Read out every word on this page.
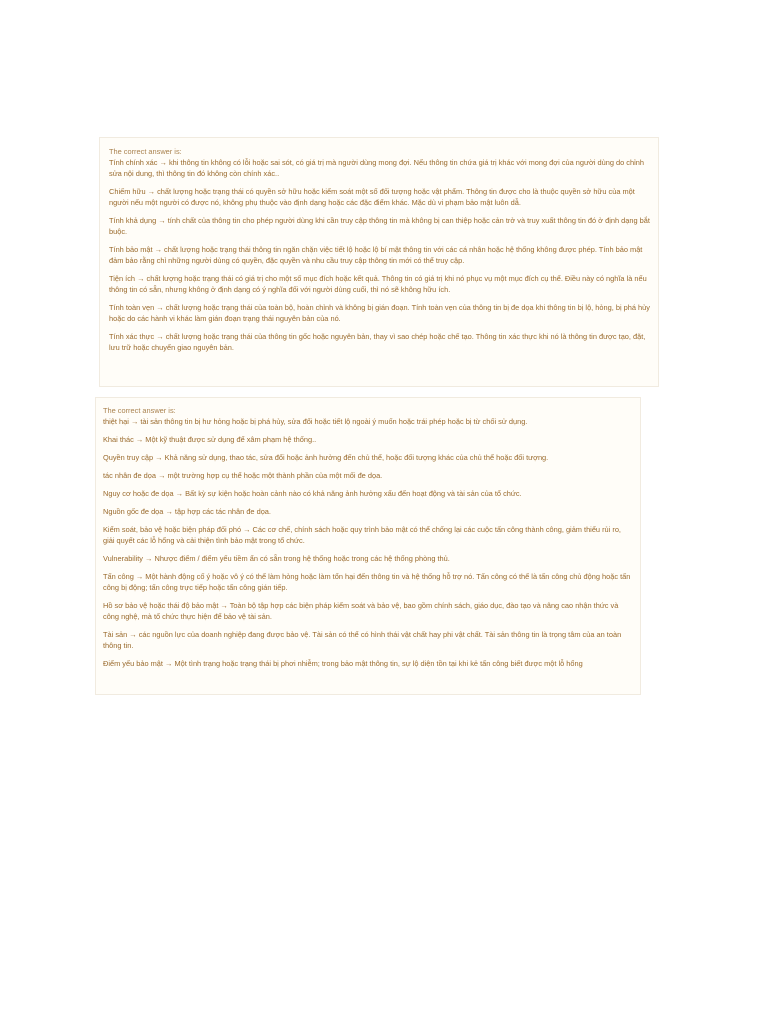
The correct answer is:

Tính chính xác → khi thông tin không có lỗi hoặc sai sót, có giá trị mà người dùng mong đợi. Nếu thông tin chứa giá trị khác với mong đợi của người dùng do chỉnh sửa nội dung, thì thông tin đó không còn chính xác..
Chiếm hữu → chất lượng hoặc trạng thái có quyền sở hữu hoặc kiểm soát một số đối tượng hoặc vật phẩm. Thông tin được cho là thuộc quyền sở hữu của một người nếu một người có được nó, không phụ thuộc vào định dạng hoặc các đặc điểm khác. Mặc dù vi phạm bảo mật luôn dẫ.
Tính khả dụng → tính chất của thông tin cho phép người dùng khi cần truy cập thông tin mà không bị can thiệp hoặc cản trở và truy xuất thông tin đó ở định dạng bắt buộc.
Tính bảo mật → chất lượng hoặc trạng thái thông tin ngăn chặn việc tiết lộ hoặc lộ bí mật thông tin với các cá nhân hoặc hệ thống không được phép. Tính bảo mật đảm bảo rằng chỉ những người dùng có quyền, đặc quyền và nhu cầu truy cập thông tin mới có thể truy cập.
Tiện ích → chất lượng hoặc trạng thái có giá trị cho một số mục đích hoặc kết quả. Thông tin có giá trị khi nó phục vụ một mục đích cụ thể. Điều này có nghĩa là nếu thông tin có sẵn, nhưng không ở định dạng có ý nghĩa đối với người dùng cuối, thì nó sẽ không hữu ích.
Tính toàn vẹn → chất lượng hoặc trạng thái của toàn bộ, hoàn chỉnh và không bị gián đoạn. Tính toàn vẹn của thông tin bị đe dọa khi thông tin bị lộ, hỏng, bị phá hủy hoặc do các hành vi khác làm gián đoạn trạng thái nguyên bản của nó.
Tính xác thực → chất lượng hoặc trạng thái của thông tin gốc hoặc nguyên bản, thay vì sao chép hoặc chế tạo. Thông tin xác thực khi nó là thông tin được tạo, đặt, lưu trữ hoặc chuyển giao nguyên bản.

The correct answer is:

thiệt hại → tài sản thông tin bị hư hỏng hoặc bị phá hủy, sửa đổi hoặc tiết lộ ngoài ý muốn hoặc trái phép hoặc bị từ chối sử dụng.
Khai thác → Một kỹ thuật được sử dụng để xâm phạm hệ thống..
Quyền truy cập → Khả năng sử dụng, thao tác, sửa đổi hoặc ảnh hưởng đến chủ thể, hoặc đối tượng khác của chủ thể hoặc đối tượng.
tác nhân đe dọa → một trường hợp cụ thể hoặc một thành phần của một mối đe dọa.
Nguy cơ hoặc đe dọa → Bất kỳ sự kiện hoặc hoàn cảnh nào có khả năng ảnh hưởng xấu đến hoạt động và tài sản của tổ chức.
Nguồn gốc đe dọa → tập hợp các tác nhân đe dọa.
Kiểm soát, bảo vệ hoặc biện pháp đối phó → Các cơ chế, chính sách hoặc quy trình bảo mật có thể chống lại các cuộc tấn công thành công, giảm thiểu rủi ro, giải quyết các lỗ hổng và cải thiện tình bảo mật trong tổ chức.
Vulnerability → Nhược điểm / điểm yếu tiềm ẩn có sẵn trong hệ thống hoặc trong các hệ thống phòng thủ.
Tấn công → Một hành động cố ý hoặc vô ý có thể làm hỏng hoặc làm tổn hại đến thông tin và hệ thống hỗ trợ nó. Tấn công có thể là tấn công chủ động hoặc tấn công bị động; tấn công trực tiếp hoặc tấn công gián tiếp.
Hồ sơ bảo vệ hoặc thái độ bảo mật → Toàn bộ tập hợp các biện pháp kiểm soát và bảo vệ, bao gồm chính sách, giáo dục, đào tạo và nâng cao nhận thức và công nghệ, mà tổ chức thực hiện để bảo vệ tài sản.
Tài sản → các nguồn lực của doanh nghiệp đang được bảo vệ. Tài sản có thể có hình thái vật chất hay phi vật chất. Tài sản thông tin là trọng tâm của an toàn thông tin.
Điểm yếu bảo mật → Một tình trạng hoặc trạng thái bị phơi nhiễm; trong bảo mật thông tin, sự lộ diện tồn tại khi kẻ tấn công biết được một lỗ hổng
